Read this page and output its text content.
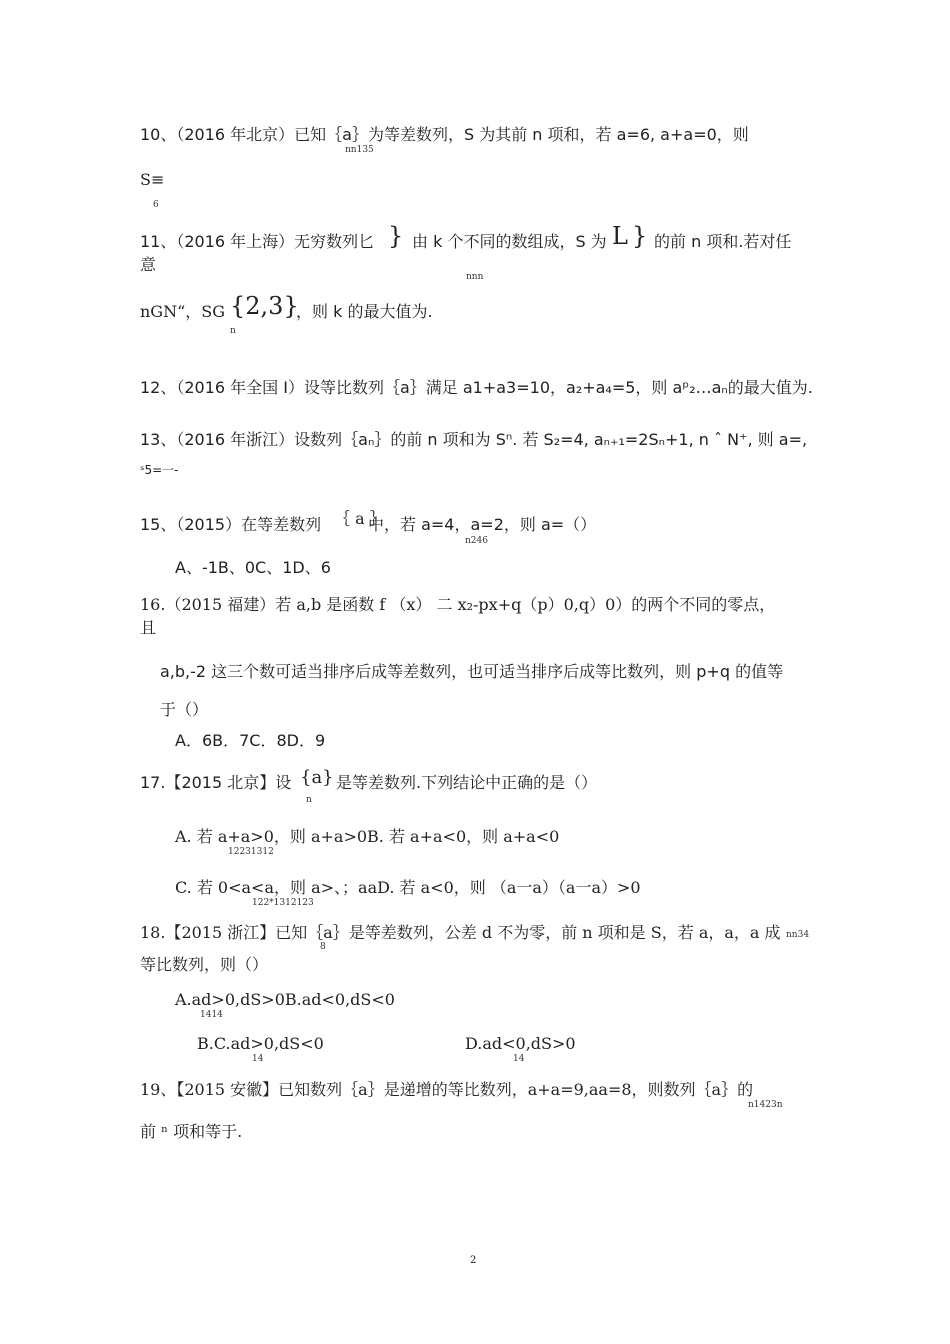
10、（2016 年北京）已知｛a｝为等差数列，S 为其前 n 项和，若 a=6, a+a=0，则
nn135
S≡
6
11、（2016 年上海）无穷数列匕 } 由 k 个不同的数组成，S 为 L } 的前 n 项和.若对任
意
nnn
nGN“，SG {2,3}
，则 k 的最大值为.
n
12、（2016 年全国 I）设等比数列｛a｝满足 a1+a3=10，a₂+a₄=5，则 aᵖ₂…aₙ的最大值为.
13、（2016 年浙江）设数列｛aₙ｝的前 n 项和为 Sⁿ. 若 S₂=4, aₙ₊₁=2Sₙ+1, n ˆ N⁺, 则 a=,
ˢ5=一-
15、（2015）在等差数列 ｛ a ｝
中，若 a=4，a=2，则 a=（）
n246
A、-1B、0C、1D、6
16.（2015 福建）若 a,b 是函数 f （x） 二 x₂-px+q（p）0,q）0）的两个不同的零点，
且
a,b,-2 这三个数可适当排序后成等差数列，也可适当排序后成等比数列，则 p+q 的值等
于（）
A．6B．7C．8D．9
17.【2015 北京】设 {a} 是等差数列.下列结论中正确的是（）
n
A. 若 a+a>0，则 a+a>0B. 若 a+a<0，则 a+a<0
12231312
C. 若 0<a<a，则 a>、；aaD. 若 a<0，则 （a一a）（a一a）>0
122*1312123
18.【2015 浙江】已知｛a｝是等差数列，公差 d 不为零，前 n 项和是 S，若 a，a，a 成 nn34
8
等比数列，则（）
A.ad>0,dS>0B.ad<0,dS<0
1414
B.C.ad>0,dS<0
14
D.ad<0,dS>0
14
19、【2015 安徽】已知数列｛a｝是递增的等比数列，a+a=9,aa=8，则数列｛a｝的
n1423n
前 ⁿ 项和等于.
2
